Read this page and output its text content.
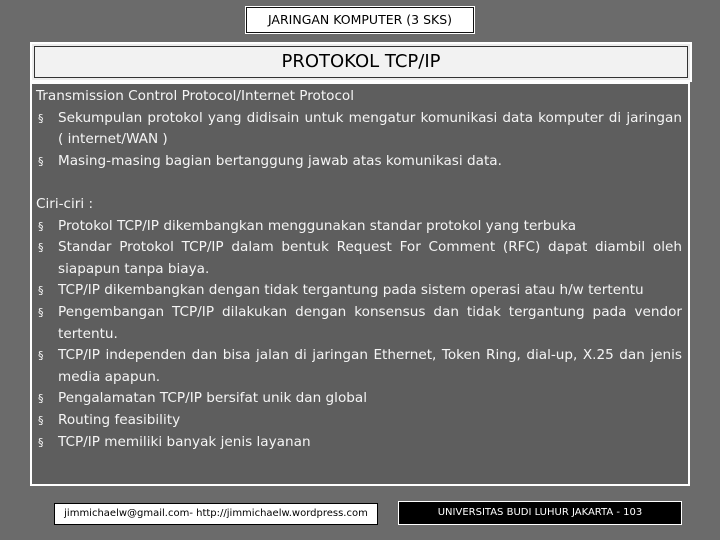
JARINGAN KOMPUTER (3 SKS)
PROTOKOL TCP/IP
Transmission Control Protocol/Internet Protocol
§ Sekumpulan protokol yang didisain untuk mengatur komunikasi data komputer di jaringan ( internet/WAN )
§ Masing-masing bagian bertanggung jawab atas komunikasi data.
Ciri-ciri :
§ Protokol TCP/IP dikembangkan menggunakan standar protokol yang terbuka
§ Standar Protokol TCP/IP dalam bentuk Request For Comment (RFC) dapat diambil oleh siapapun tanpa biaya.
§ TCP/IP dikembangkan dengan tidak tergantung pada sistem operasi atau h/w tertentu
§ Pengembangan TCP/IP dilakukan dengan konsensus dan tidak tergantung pada vendor tertentu.
§ TCP/IP independen dan bisa jalan di jaringan Ethernet, Token Ring, dial-up, X.25 dan jenis media apapun.
§ Pengalamatan TCP/IP bersifat unik dan global
§ Routing feasibility
§ TCP/IP memiliki banyak jenis layanan
jimmichaelw@gmail.com- http://jimmichaelw.wordpress.com	UNIVERSITAS BUDI LUHUR JAKARTA - 103
